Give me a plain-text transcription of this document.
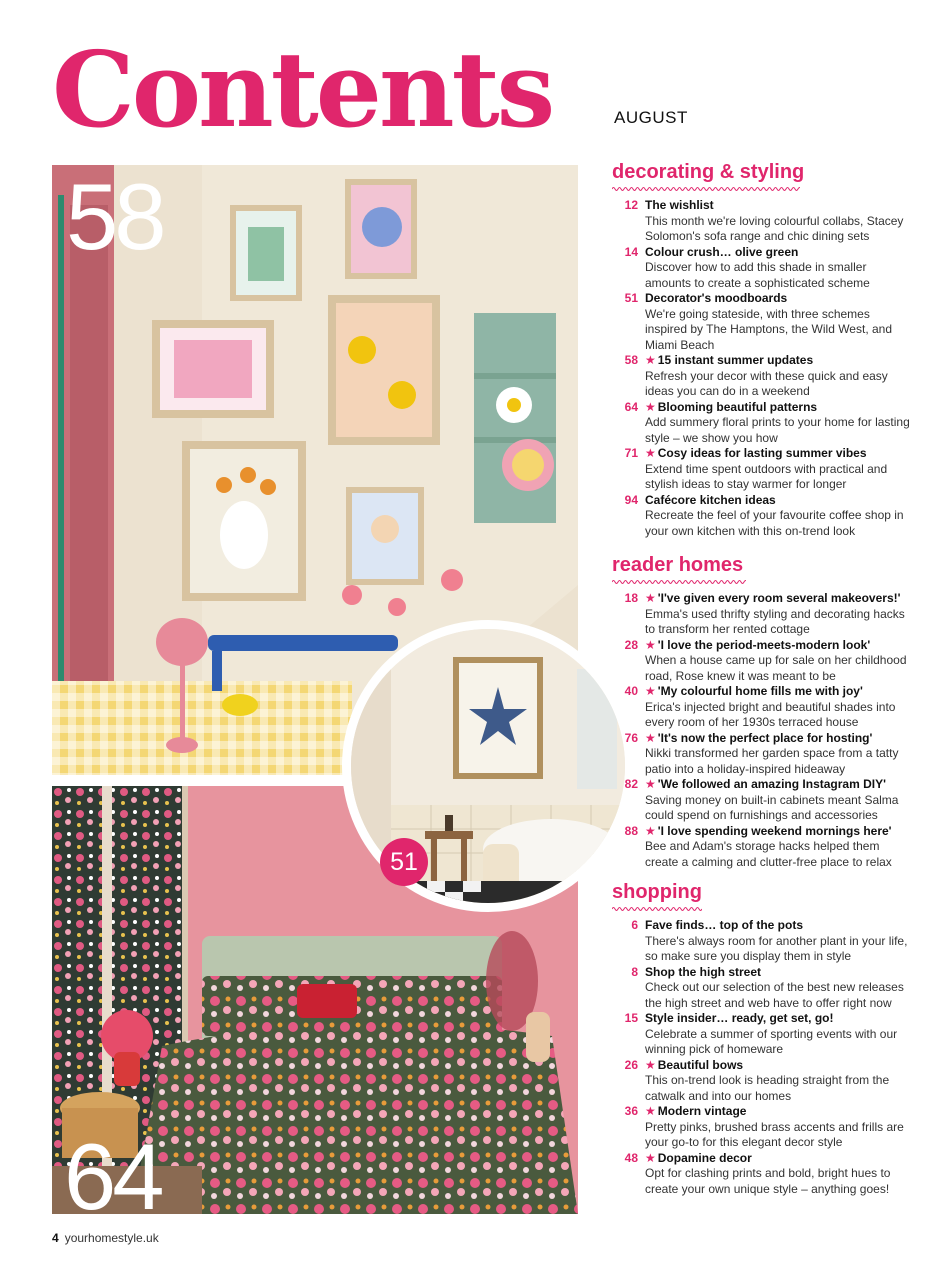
Contents	AUGUST
58
64
51
decorating & styling
12 The wishlist
This month we're loving colourful collabs, Stacey Solomon's sofa range and chic dining sets
14 Colour crush… olive green
Discover how to add this shade in smaller amounts to create a sophisticated scheme
51 Decorator's moodboards
We're going stateside, with three schemes inspired by The Hamptons, the Wild West, and Miami Beach
58 ★ 15 instant summer updates
Refresh your decor with these quick and easy ideas you can do in a weekend
64 ★ Blooming beautiful patterns
Add summery floral prints to your home for lasting style – we show you how
71 ★ Cosy ideas for lasting summer vibes
Extend time spent outdoors with practical and stylish ideas to stay warmer for longer
94 Cafécore kitchen ideas
Recreate the feel of your favourite coffee shop in your own kitchen with this on-trend look
reader homes
18 ★ 'I've given every room several makeovers!'
Emma's used thrifty styling and decorating hacks to transform her rented cottage
28 ★ 'I love the period-meets-modern look'
When a house came up for sale on her childhood road, Rose knew it was meant to be
40 ★ 'My colourful home fills me with joy'
Erica's injected bright and beautiful shades into every room of her 1930s terraced house
76 ★ 'It's now the perfect place for hosting'
Nikki transformed her garden space from a tatty patio into a holiday-inspired hideaway
82 ★ 'We followed an amazing Instagram DIY'
Saving money on built-in cabinets meant Salma could spend on furnishings and accessories
88 ★ 'I love spending weekend mornings here'
Bee and Adam's storage hacks helped them create a calming and clutter-free place to relax
shopping
6 Fave finds… top of the pots
There's always room for another plant in your life, so make sure you display them in style
8 Shop the high street
Check out our selection of the best new releases the high street and web have to offer right now
15 Style insider… ready, get set, go!
Celebrate a summer of sporting events with our winning pick of homeware
26 ★ Beautiful bows
This on-trend look is heading straight from the catwalk and into our homes
36 ★ Modern vintage
Pretty pinks, brushed brass accents and frills are your go-to for this elegant decor style
48 ★ Dopamine decor
Opt for clashing prints and bold, bright hues to create your own unique style – anything goes!
4 yourhomestyle.uk
